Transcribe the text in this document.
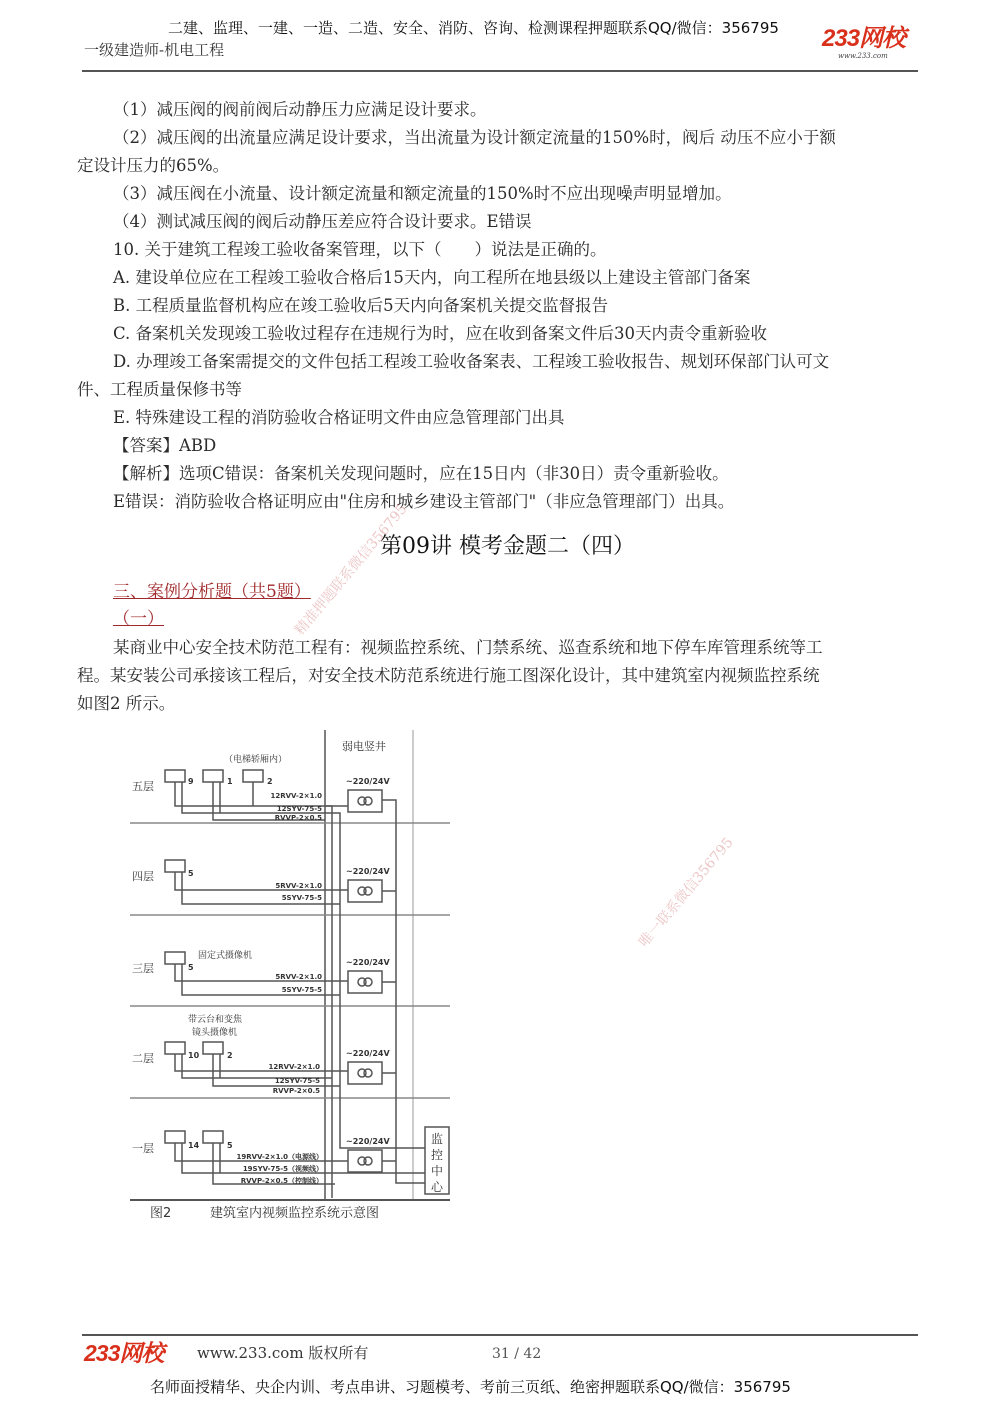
二建、监理、一建、一造、二造、安全、消防、咨询、检测课程押题联系QQ/微信：356795
一级建造师-机电工程	233网校
www.233.com
（1）减压阀的阀前阀后动静压力应满足设计要求。
（2）减压阀的出流量应满足设计要求，当出流量为设计额定流量的150%时，阀后 动压不应小于额
定设计压力的65%。
（3）减压阀在小流量、设计额定流量和额定流量的150%时不应出现噪声明显增加。
（4）测试减压阀的阀后动静压差应符合设计要求。E错误
10. 关于建筑工程竣工验收备案管理，以下（　　）说法是正确的。
A. 建设单位应在工程竣工验收合格后15天内，向工程所在地县级以上建设主管部门备案
B. 工程质量监督机构应在竣工验收后5天内向备案机关提交监督报告
C. 备案机关发现竣工验收过程存在违规行为时，应在收到备案文件后30天内责令重新验收
D. 办理竣工备案需提交的文件包括工程竣工验收备案表、工程竣工验收报告、规划环保部门认可文
件、工程质量保修书等
E. 特殊建设工程的消防验收合格证明文件由应急管理部门出具
【答案】ABD
【解析】选项C错误：备案机关发现问题时，应在15日内（非30日）责令重新验收。
E错误：消防验收合格证明应由"住房和城乡建设主管部门"（非应急管理部门）出具。
第09讲 模考金题二（四）
三、案例分析题（共5题）
（一）
某商业中心安全技术防范工程有：视频监控系统、门禁系统、巡查系统和地下停车库管理系统等工
程。某安装公司承接该工程后，对安全技术防范系统进行施工图深化设计，其中建筑室内视频监控系统
如图2 所示。
弱电竖井
（电梯轿厢内）
固定式摄像机
带云台和变焦
镜头摄像机
~220/24V
~220/24V
~220/24V
~220/24V
~220/24V
五层
四层
三层
二层
一层
9	1	2
5
5
10	2
14	5
12RVV-2×1.0
12SYV-75-5
RVVP-2×0.5
5RVV-2×1.0
5SYV-75-5
5RVV-2×1.0
5SYV-75-5
12RVV-2×1.0
12SYV-75-5
RVVP-2×0.5
19RVV-2×1.0（电源线）
19SYV-75-5（视频线）
RVVP-2×0.5（控制线）
监
控
中
心
图2	建筑室内视频监控系统示意图
精准押题联系微信356795
唯一联系微信356795
233网校 www.233.com 版权所有	31 / 42
名师面授精华、央企内训、考点串讲、习题模考、考前三页纸、绝密押题联系QQ/微信：356795
